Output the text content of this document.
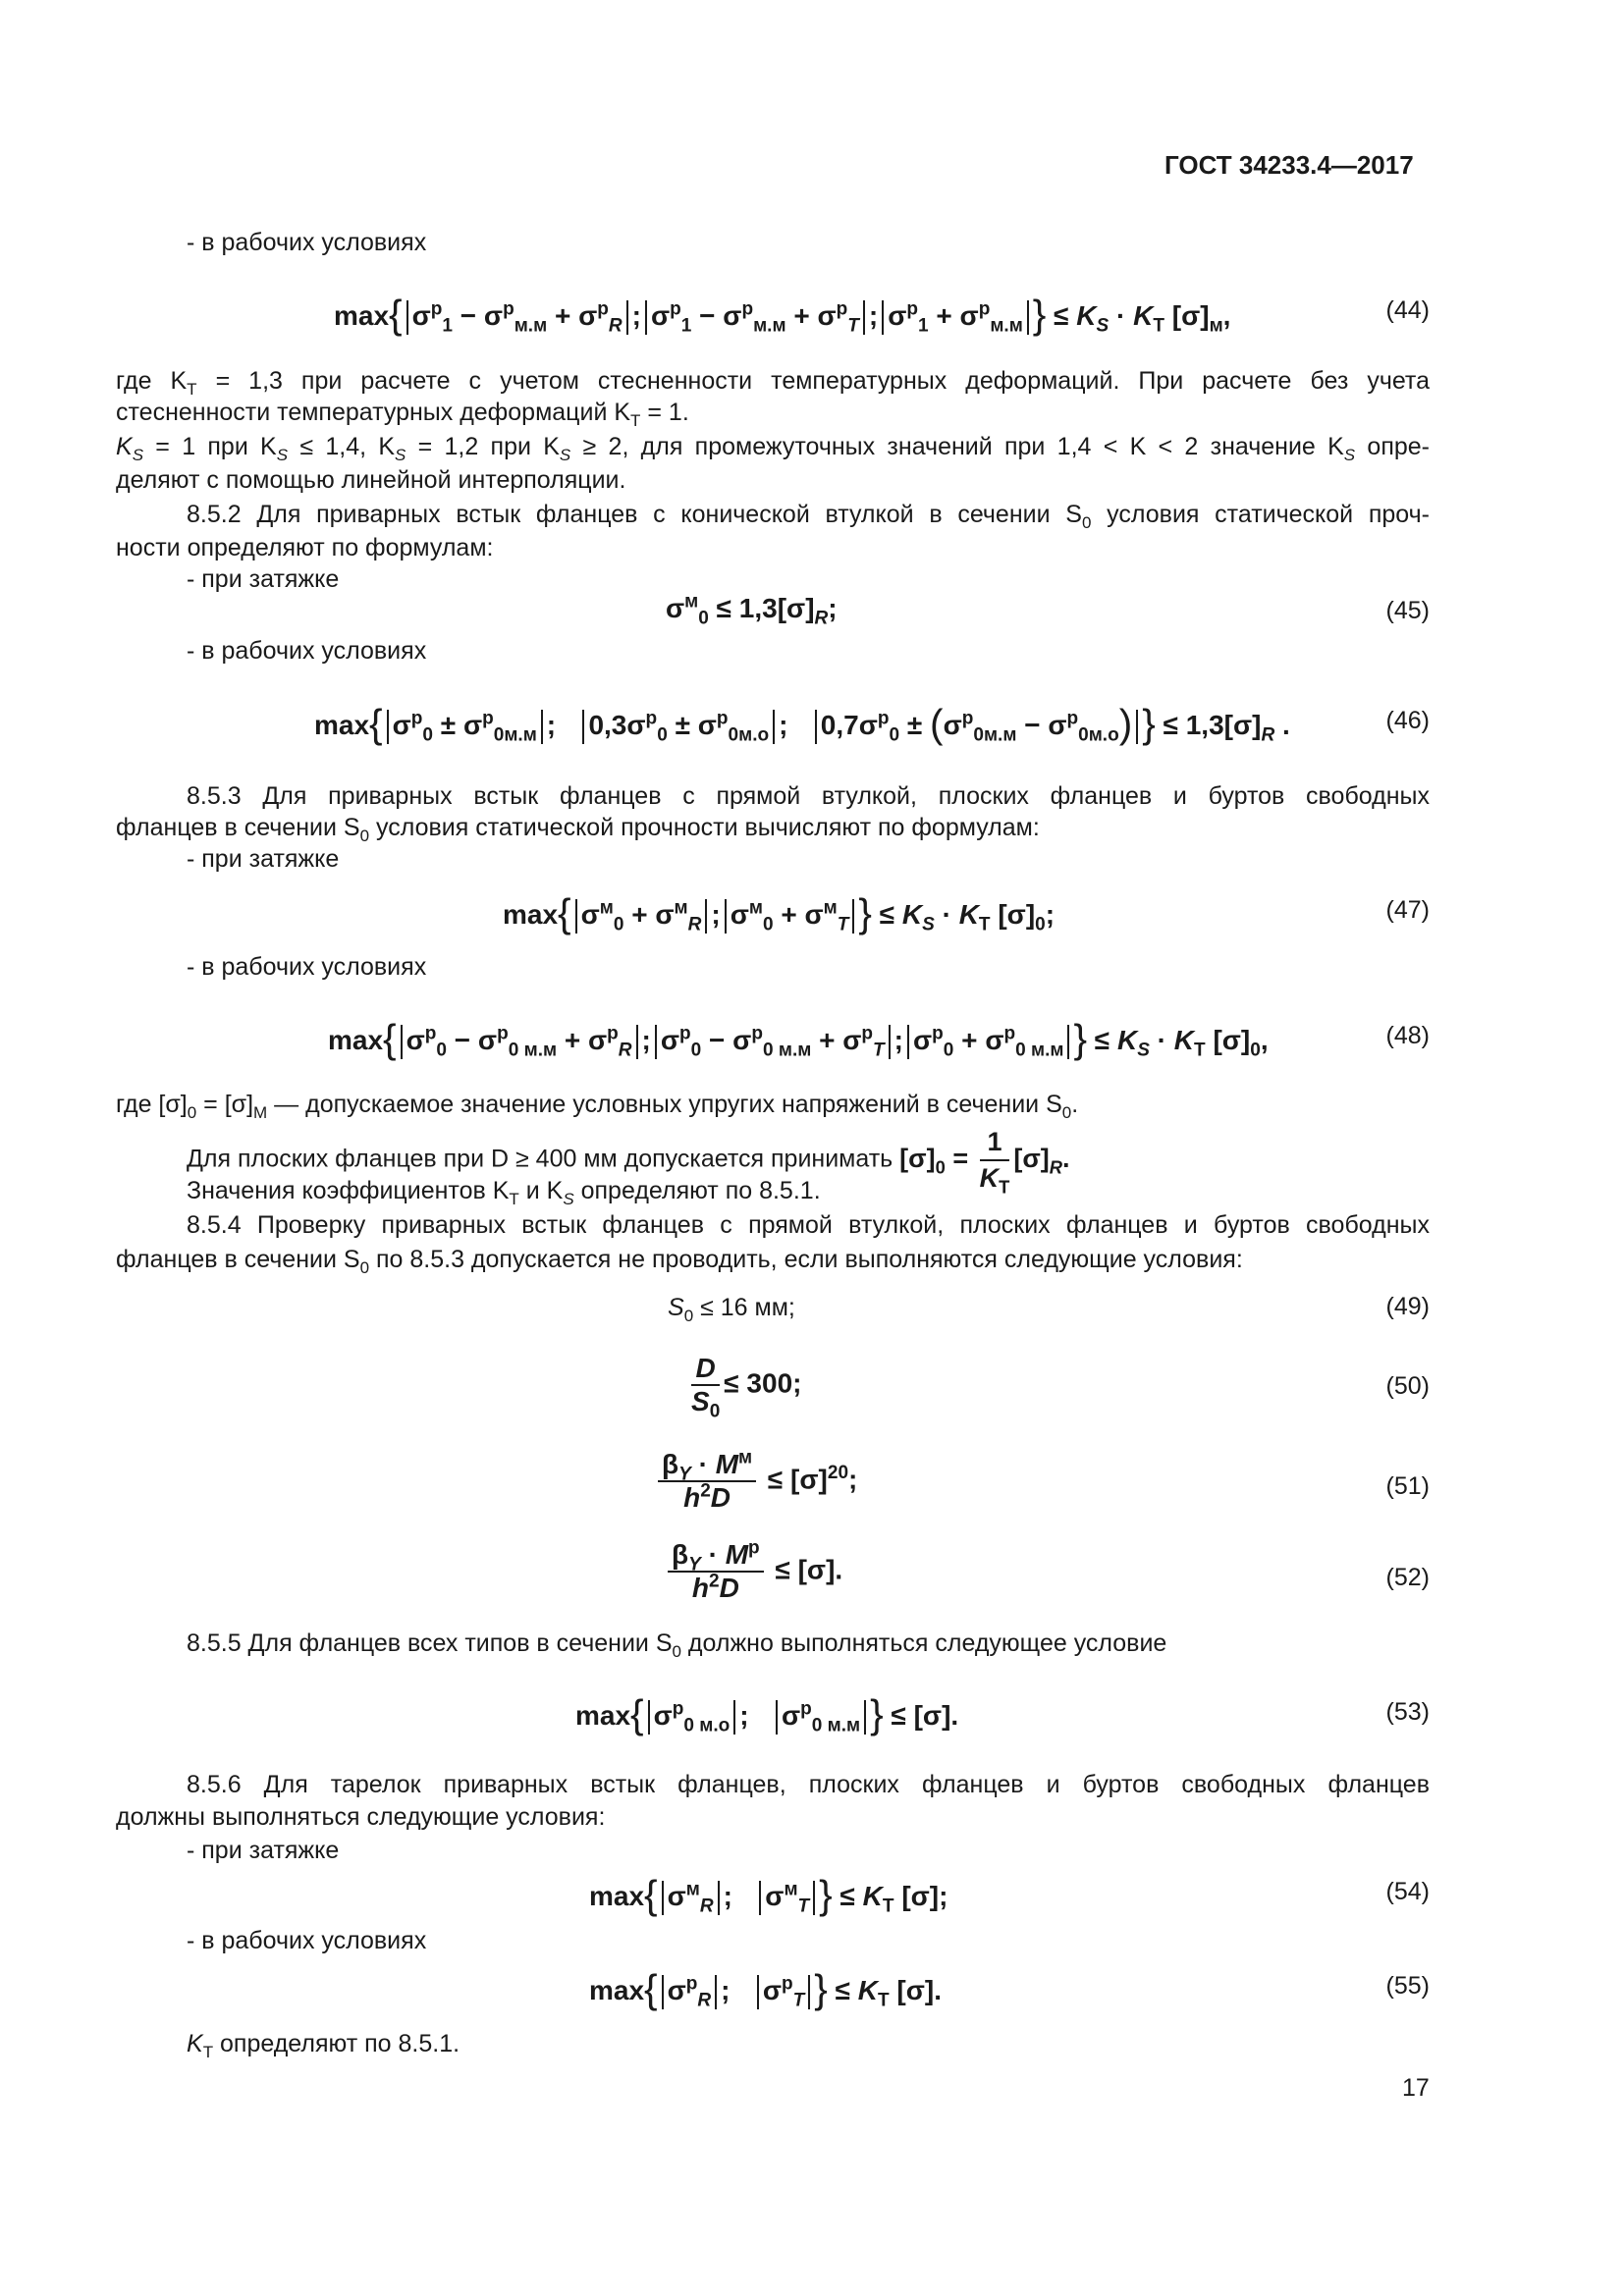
ГОСТ 34233.4—2017
- в рабочих условиях
max{ $\sigma^p_1 - \sigma^p_{м.м} + \sigma^p_R$ ; $\sigma^p_1 - \sigma^p_{м.м} + \sigma^p_T$ ; $\sigma^p_1 + \sigma^p_{м.м}$ } ≤ $K_S \cdot K_Т$ $[\sigma]_м$,	(44)
где $K_Т = 1,3$ при расчете с учетом стесненности температурных деформаций. При расчете без учета
стесненности температурных деформаций $K_Т = 1$.
$K_S = 1$ при $K_S \le 1,4$, $K_S = 1,2$ при $K_S \ge 2$, для промежуточных значений при 1,4 < K < 2 значение $K_S$ опре-
деляют с помощью линейной интерполяции.
8.5.2 Для приварных встык фланцев с конической втулкой в сечении $S_0$ условия статической проч-
ности определяют по формулам:
- при затяжке
$\sigma^м_0 \le 1,3[\sigma]_R$;	(45)
- в рабочих условиях
max{ $\sigma^p_0 \pm \sigma^p_{0м.м}$ ; $0,3\sigma^p_0 \pm \sigma^p_{0м.о}$ ; $0,7\sigma^p_0 \pm (\sigma^p_{0м.м} - \sigma^p_{0м.о})$ } ≤ $1,3[\sigma]_R$ .	(46)
8.5.3 Для приварных встык фланцев с прямой втулкой, плоских фланцев и буртов свободных
фланцев в сечении $S_0$ условия статической прочности вычисляют по формулам:
- при затяжке
max{ $\sigma^м_0 + \sigma^м_R$ ; $\sigma^м_0 + \sigma^м_T$ } ≤ $K_S \cdot K_Т$ $[\sigma]_0$;	(47)
- в рабочих условиях
max{ $\sigma^p_0 - \sigma^p_{0 м.м} + \sigma^p_R$ ; $\sigma^p_0 - \sigma^p_{0 м.м} + \sigma^p_T$ ; $\sigma^p_0 + \sigma^p_{0 м.м}$ } ≤ $K_S \cdot K_Т$ $[\sigma]_0$,	(48)
где $[\sigma]_0 = [\sigma]_М$ — допускаемое значение условных упругих напряжений в сечении $S_0$.
Для плоских фланцев при D ≥ 400 мм допускается принимать $[\sigma]_0 = \frac{1}{K_Т} [\sigma]_R$.
Значения коэффициентов $K_Т$ и $K_S$ определяют по 8.5.1.
8.5.4 Проверку приварных встык фланцев с прямой втулкой, плоских фланцев и буртов свободных
фланцев в сечении $S_0$ по 8.5.3 допускается не проводить, если выполняются следующие условия:
$S_0 \le 16$ мм;	(49)
$\frac{D}{S_0} \le 300$;	(50)
$\frac{\beta_Y \cdot M^м}{h^2D} \le [\sigma]^{20}$;	(51)
$\frac{\beta_Y \cdot M^p}{h^2D} \le [\sigma]$.	(52)
8.5.5 Для фланцев всех типов в сечении $S_0$ должно выполняться следующее условие
max{ $\sigma^p_{0 м.о}$ ; $\sigma^p_{0 м.м}$ } ≤ [σ].	(53)
8.5.6 Для тарелок приварных встык фланцев, плоских фланцев и буртов свободных фланцев
должны выполняться следующие условия:
- при затяжке
max{ $\sigma^м_R$ ; $\sigma^м_T$ } ≤ $K_Т$ [σ];	(54)
- в рабочих условиях
max{ $\sigma^p_R$ ; $\sigma^p_T$ } ≤ $K_Т$ [σ].	(55)
$K_Т$ определяют по 8.5.1.
17
